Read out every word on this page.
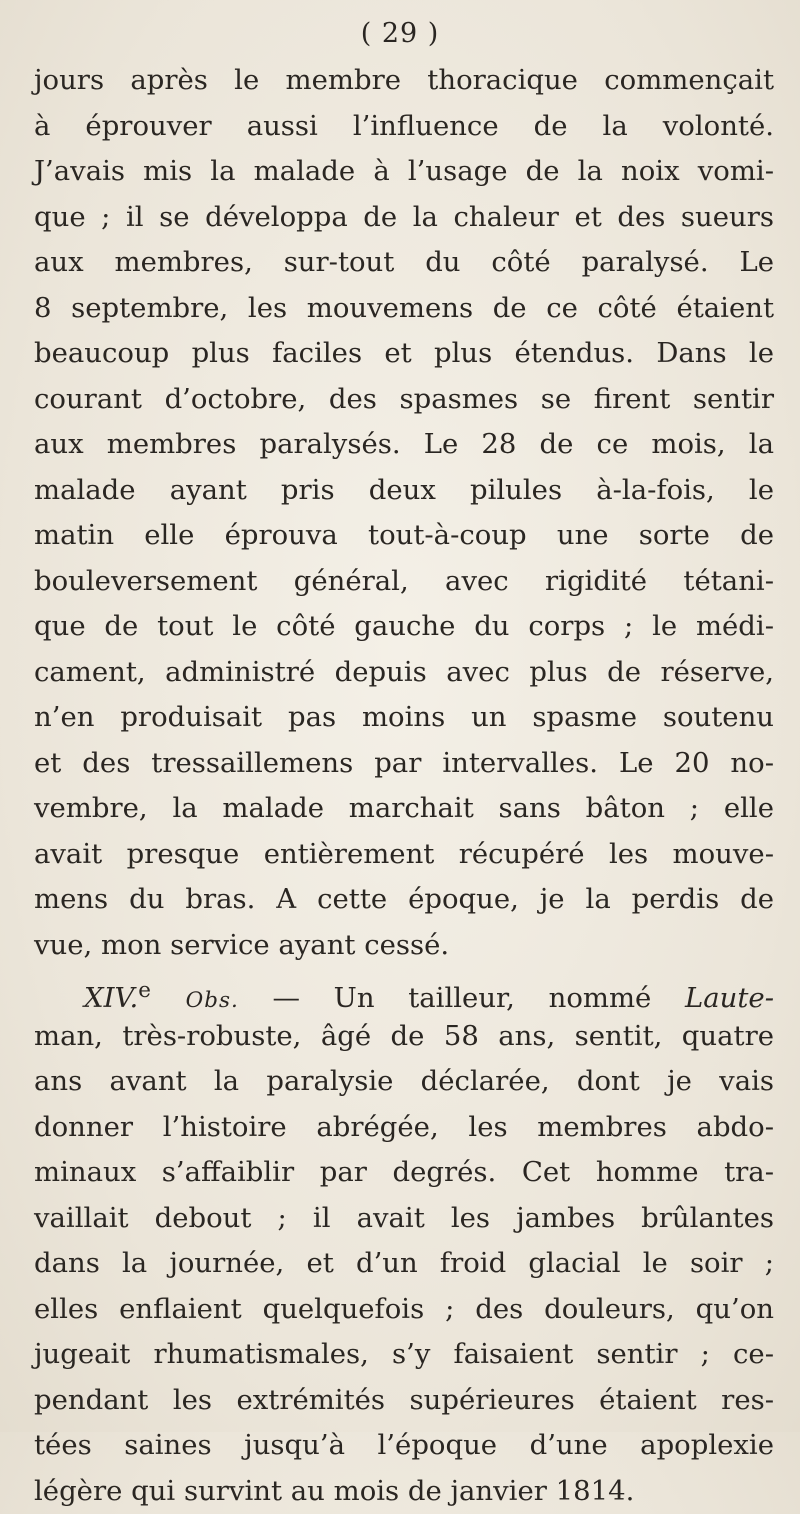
( 29 )
jours après le membre thoracique commençait
à éprouver aussi l’influence de la volonté.
J’avais mis la malade à l’usage de la noix vomi-
que ; il se développa de la chaleur et des sueurs
aux membres, sur-tout du côté paralysé. Le
8 septembre, les mouvemens de ce côté étaient
beaucoup plus faciles et plus étendus. Dans le
courant d’octobre, des spasmes se firent sentir
aux membres paralysés. Le 28 de ce mois, la
malade ayant pris deux pilules à-la-fois, le
matin elle éprouva tout-à-coup une sorte de
bouleversement général, avec rigidité tétani-
que de tout le côté gauche du corps ; le médi-
cament, administré depuis avec plus de réserve,
n’en produisait pas moins un spasme soutenu
et des tressaillemens par intervalles. Le 20 no-
vembre, la malade marchait sans bâton ; elle
avait presque entièrement récupéré les mouve-
mens du bras. A cette époque, je la perdis de
vue, mon service ayant cessé.
XIV.$^e$ Obs. — Un tailleur, nommé Laute-
man, très-robuste, âgé de 58 ans, sentit, quatre
ans avant la paralysie déclarée, dont je vais
donner l’histoire abrégée, les membres abdo-
minaux s’affaiblir par degrés. Cet homme tra-
vaillait debout ; il avait les jambes brûlantes
dans la journée, et d’un froid glacial le soir ;
elles enflaient quelquefois ; des douleurs, qu’on
jugeait rhumatismales, s’y faisaient sentir ; ce-
pendant les extrémités supérieures étaient res-
tées saines jusqu’à l’époque d’une apoplexie
légère qui survint au mois de janvier 1814.
